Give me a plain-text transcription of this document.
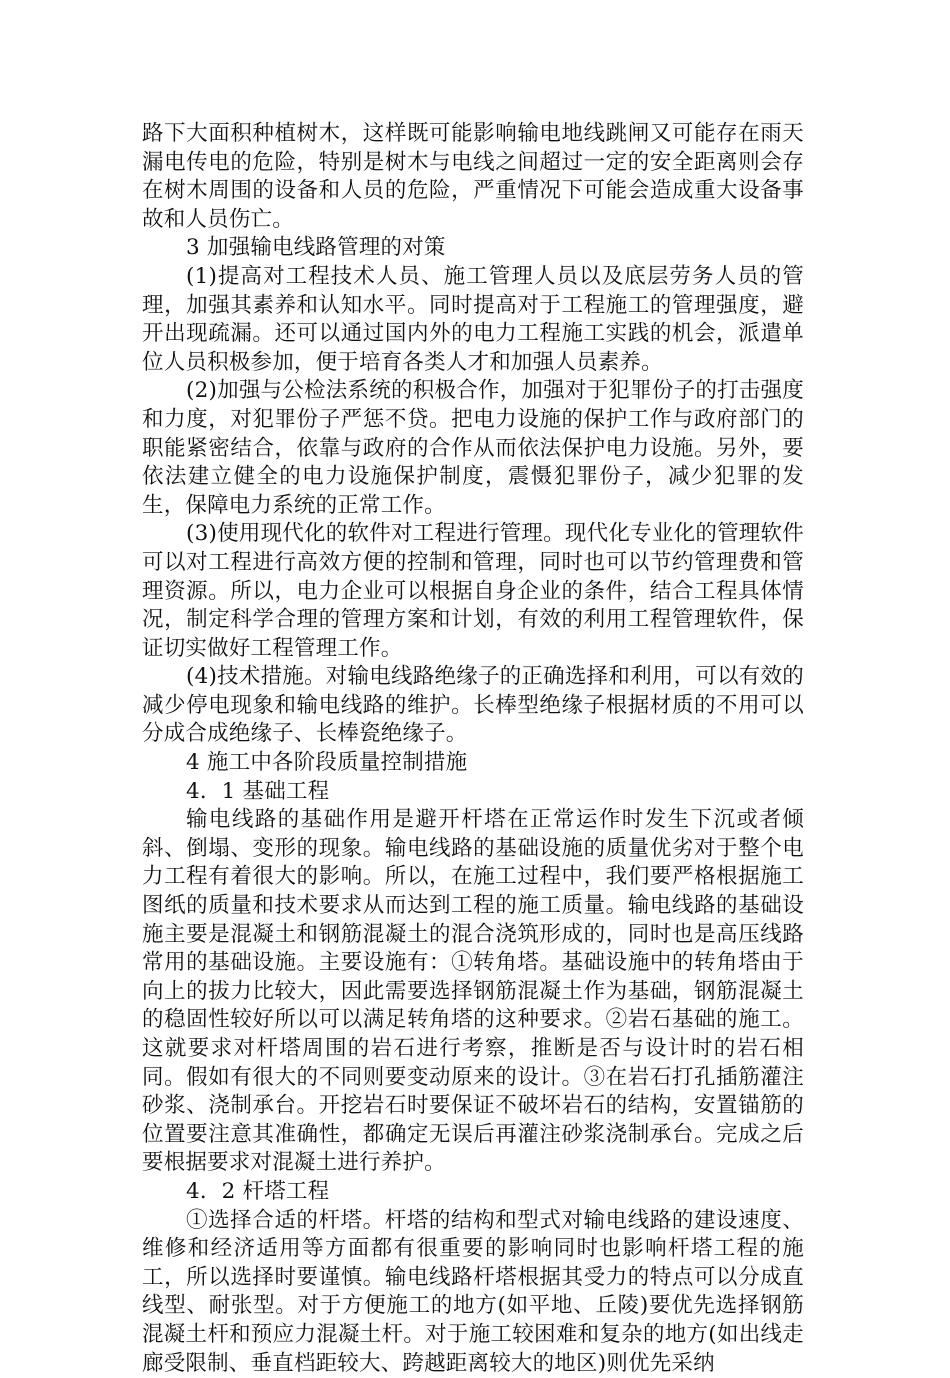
路下大面积种植树木，这样既可能影响输电地线跳闸又可能存在雨天漏电传电的危险，特别是树木与电线之间超过一定的安全距离则会存在树木周围的设备和人员的危险，严重情况下可能会造成重大设备事故和人员伤亡。

3 加强输电线路管理的对策

(1)提高对工程技术人员、施工管理人员以及底层劳务人员的管理，加强其素养和认知水平。同时提高对于工程施工的管理强度，避开出现疏漏。还可以通过国内外的电力工程施工实践的机会，派遣单位人员积极参加，便于培育各类人才和加强人员素养。

(2)加强与公检法系统的积极合作，加强对于犯罪份子的打击强度和力度，对犯罪份子严惩不贷。把电力设施的保护工作与政府部门的职能紧密结合，依靠与政府的合作从而依法保护电力设施。另外，要依法建立健全的电力设施保护制度，震慑犯罪份子，减少犯罪的发生，保障电力系统的正常工作。

(3)使用现代化的软件对工程进行管理。现代化专业化的管理软件可以对工程进行高效方便的控制和管理，同时也可以节约管理费和管理资源。所以，电力企业可以根据自身企业的条件，结合工程具体情况，制定科学合理的管理方案和计划，有效的利用工程管理软件，保证切实做好工程管理工作。

(4)技术措施。对输电线路绝缘子的正确选择和利用，可以有效的减少停电现象和输电线路的维护。长棒型绝缘子根据材质的不用可以分成合成绝缘子、长棒瓷绝缘子。

4 施工中各阶段质量控制措施
4．1 基础工程

输电线路的基础作用是避开杆塔在正常运作时发生下沉或者倾斜、倒塌、变形的现象。输电线路的基础设施的质量优劣对于整个电力工程有着很大的影响。所以，在施工过程中，我们要严格根据施工图纸的质量和技术要求从而达到工程的施工质量。输电线路的基础设施主要是混凝土和钢筋混凝土的混合浇筑形成的，同时也是高压线路常用的基础设施。主要设施有：①转角塔。基础设施中的转角塔由于向上的拔力比较大，因此需要选择钢筋混凝土作为基础，钢筋混凝土的稳固性较好所以可以满足转角塔的这种要求。②岩石基础的施工。这就要求对杆塔周围的岩石进行考察，推断是否与设计时的岩石相同。假如有很大的不同则要变动原来的设计。③在岩石打孔插筋灌注砂浆、浇制承台。开挖岩石时要保证不破坏岩石的结构，安置锚筋的位置要注意其准确性，都确定无误后再灌注砂浆浇制承台。完成之后要根据要求对混凝土进行养护。

4．2 杆塔工程

①选择合适的杆塔。杆塔的结构和型式对输电线路的建设速度、维修和经济适用等方面都有很重要的影响同时也影响杆塔工程的施工，所以选择时要谨慎。输电线路杆塔根据其受力的特点可以分成直线型、耐张型。对于方便施工的地方(如平地、丘陵)要优先选择钢筋混凝土杆和预应力混凝土杆。对于施工较困难和复杂的地方(如出线走廊受限制、垂直档距较大、跨越距离较大的地区)则优先采纳
